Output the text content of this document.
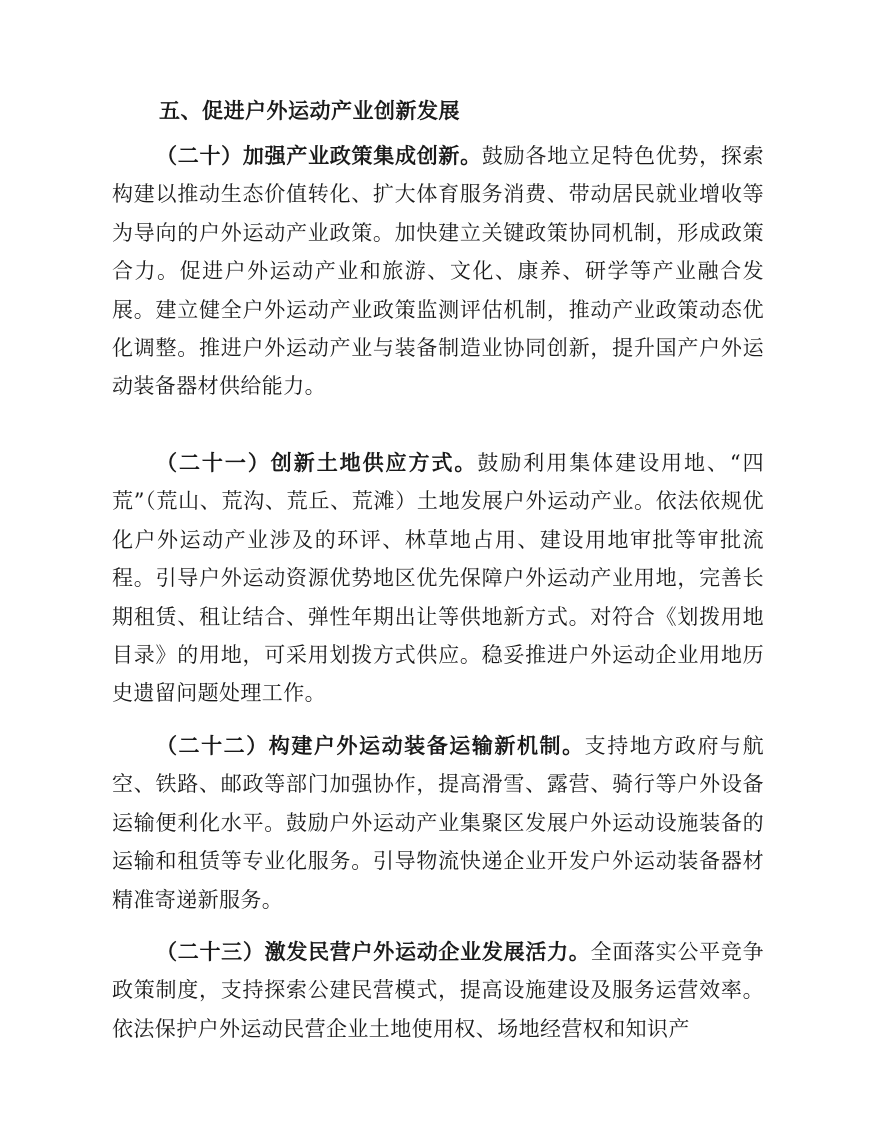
五、促进户外运动产业创新发展

（二十）加强产业政策集成创新。鼓励各地立足特色优势，探索构建以推动生态价值转化、扩大体育服务消费、带动居民就业增收等为导向的户外运动产业政策。加快建立关键政策协同机制，形成政策合力。促进户外运动产业和旅游、文化、康养、研学等产业融合发展。建立健全户外运动产业政策监测评估机制，推动产业政策动态优化调整。推进户外运动产业与装备制造业协同创新，提升国产户外运动装备器材供给能力。

（二十一）创新土地供应方式。鼓励利用集体建设用地、“四荒”（荒山、荒沟、荒丘、荒滩）土地发展户外运动产业。依法依规优化户外运动产业涉及的环评、林草地占用、建设用地审批等审批流程。引导户外运动资源优势地区优先保障户外运动产业用地，完善长期租赁、租让结合、弹性年期出让等供地新方式。对符合《划拨用地目录》的用地，可采用划拨方式供应。稳妥推进户外运动企业用地历史遗留问题处理工作。

（二十二）构建户外运动装备运输新机制。支持地方政府与航空、铁路、邮政等部门加强协作，提高滑雪、露营、骑行等户外设备运输便利化水平。鼓励户外运动产业集聚区发展户外运动设施装备的运输和租赁等专业化服务。引导物流快递企业开发户外运动装备器材精准寄递新服务。

（二十三）激发民营户外运动企业发展活力。全面落实公平竞争政策制度，支持探索公建民营模式，提高设施建设及服务运营效率。依法保护户外运动民营企业土地使用权、场地经营权和知识产
